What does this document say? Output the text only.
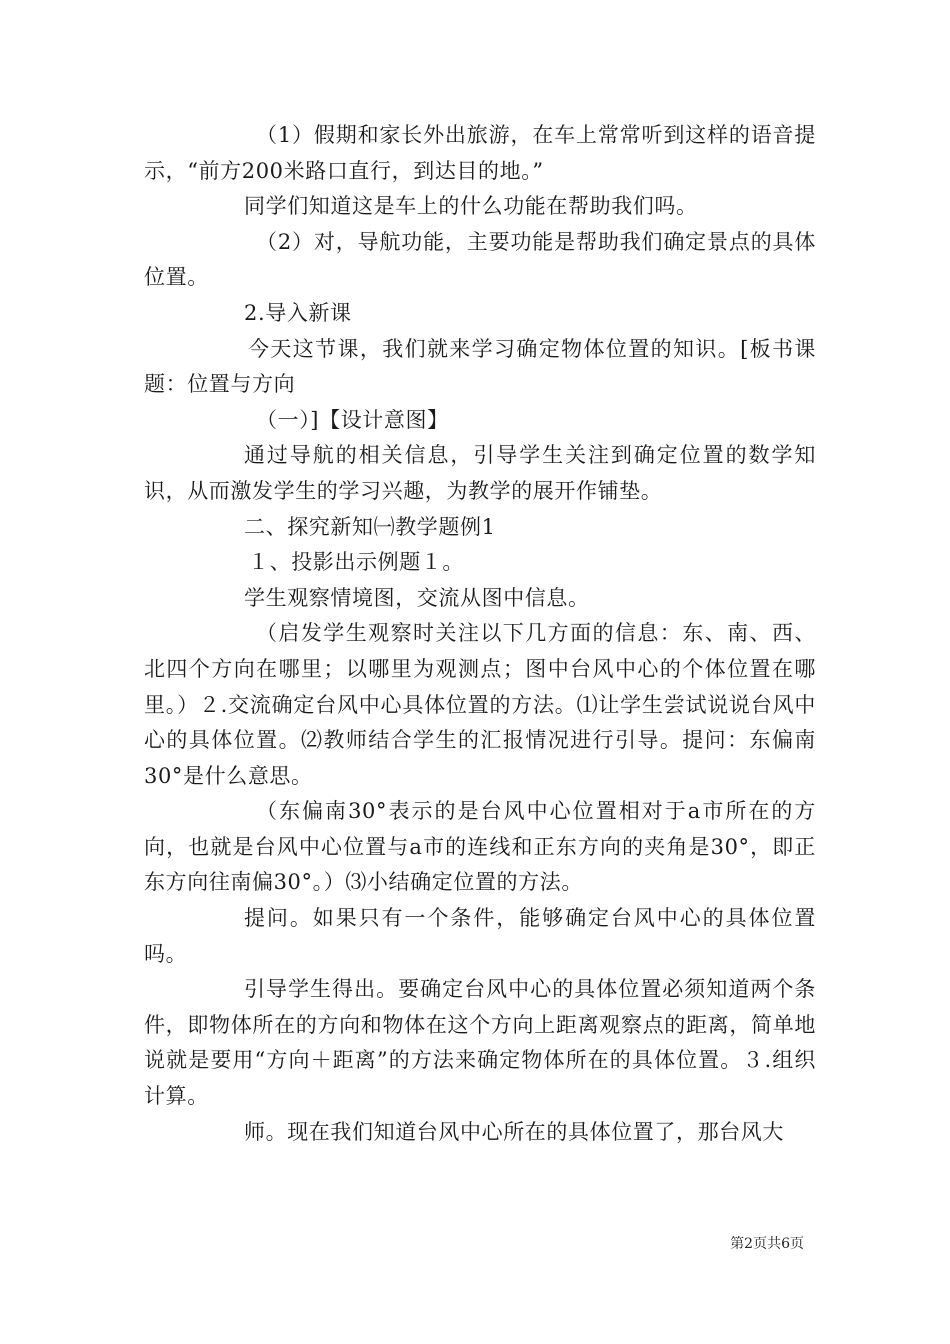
（1）假期和家长外出旅游，在车上常常听到这样的语音提示，“前方200米路口直行，到达目的地。”

同学们知道这是车上的什么功能在帮助我们吗。

（2）对，导航功能，主要功能是帮助我们确定景点的具体位置。

2.导入新课

今天这节课，我们就来学习确定物体位置的知识。[板书课题：位置与方向

（一）]【设计意图】

通过导航的相关信息，引导学生关注到确定位置的数学知识，从而激发学生的学习兴趣，为教学的展开作铺垫。

二、探究新知㈠教学题例1

１、投影出示例题１。

学生观察情境图，交流从图中信息。

（启发学生观察时关注以下几方面的信息：东、南、西、北四个方向在哪里；以哪里为观测点；图中台风中心的个体位置在哪里。）２.交流确定台风中心具体位置的方法。⑴让学生尝试说说台风中心的具体位置。⑵教师结合学生的汇报情况进行引导。提问：东偏南30°是什么意思。

（东偏南30°表示的是台风中心位置相对于a市所在的方向，也就是台风中心位置与a市的连线和正东方向的夹角是30°，即正东方向往南偏30°。）⑶小结确定位置的方法。

提问。如果只有一个条件，能够确定台风中心的具体位置吗。

引导学生得出。要确定台风中心的具体位置必须知道两个条件，即物体所在的方向和物体在这个方向上距离观察点的距离，简单地说就是要用“方向＋距离”的方法来确定物体所在的具体位置。３.组织计算。

师。现在我们知道台风中心所在的具体位置了，那台风大

第2页共6页
